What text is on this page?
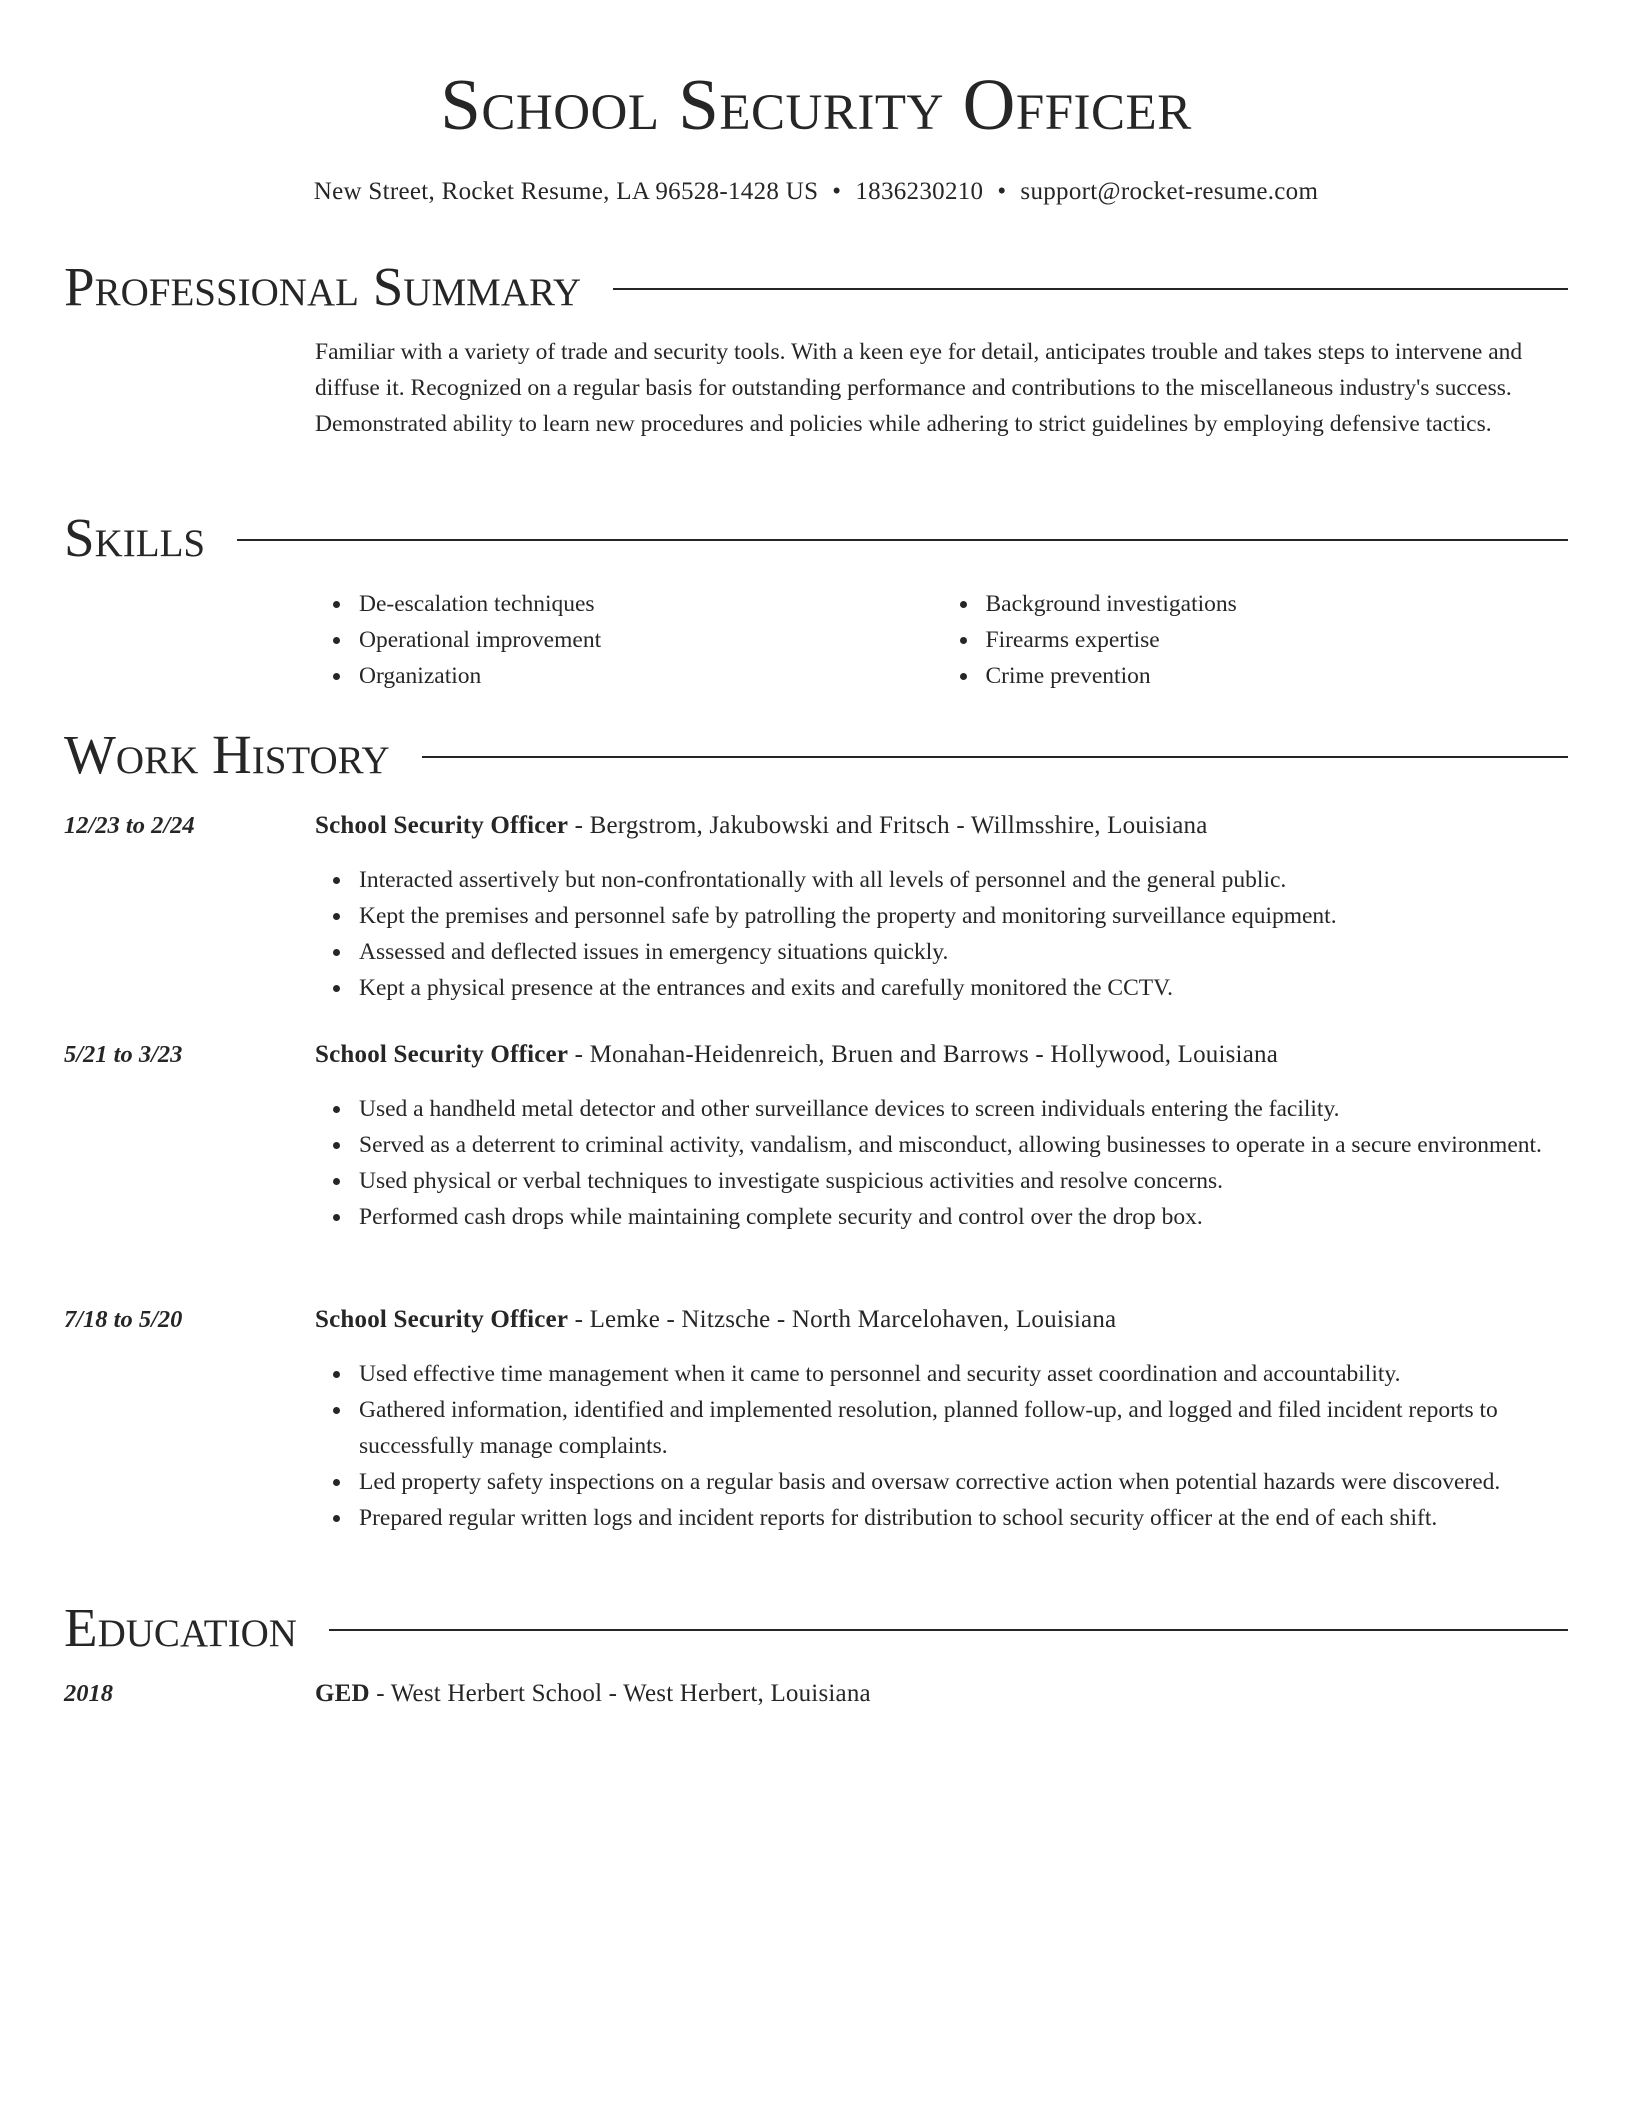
School Security Officer
New Street, Rocket Resume, LA 96528-1428 US • 1836230210 • support@rocket-resume.com
Professional Summary

Familiar with a variety of trade and security tools. With a keen eye for detail, anticipates trouble and takes steps to intervene and diffuse it. Recognized on a regular basis for outstanding performance and contributions to the miscellaneous industry's success. Demonstrated ability to learn new procedures and policies while adhering to strict guidelines by employing defensive tactics.

Skills
De-escalation techniques
Operational improvement
Organization
Background investigations
Firearms expertise
Crime prevention
Work History
12/23 to 2/24	School Security Officer - Bergstrom, Jakubowski and Fritsch - Willmsshire, Louisiana
Interacted assertively but non-confrontationally with all levels of personnel and the general public.
Kept the premises and personnel safe by patrolling the property and monitoring surveillance equipment.
Assessed and deflected issues in emergency situations quickly.
Kept a physical presence at the entrances and exits and carefully monitored the CCTV.
5/21 to 3/23	School Security Officer - Monahan-Heidenreich, Bruen and Barrows - Hollywood, Louisiana
Used a handheld metal detector and other surveillance devices to screen individuals entering the facility.
Served as a deterrent to criminal activity, vandalism, and misconduct, allowing businesses to operate in a secure environment.
Used physical or verbal techniques to investigate suspicious activities and resolve concerns.
Performed cash drops while maintaining complete security and control over the drop box.
7/18 to 5/20	School Security Officer - Lemke - Nitzsche - North Marcelohaven, Louisiana
Used effective time management when it came to personnel and security asset coordination and accountability.
Gathered information, identified and implemented resolution, planned follow-up, and logged and filed incident reports to successfully manage complaints.
Led property safety inspections on a regular basis and oversaw corrective action when potential hazards were discovered.
Prepared regular written logs and incident reports for distribution to school security officer at the end of each shift.
Education
2018	GED - West Herbert School - West Herbert, Louisiana
